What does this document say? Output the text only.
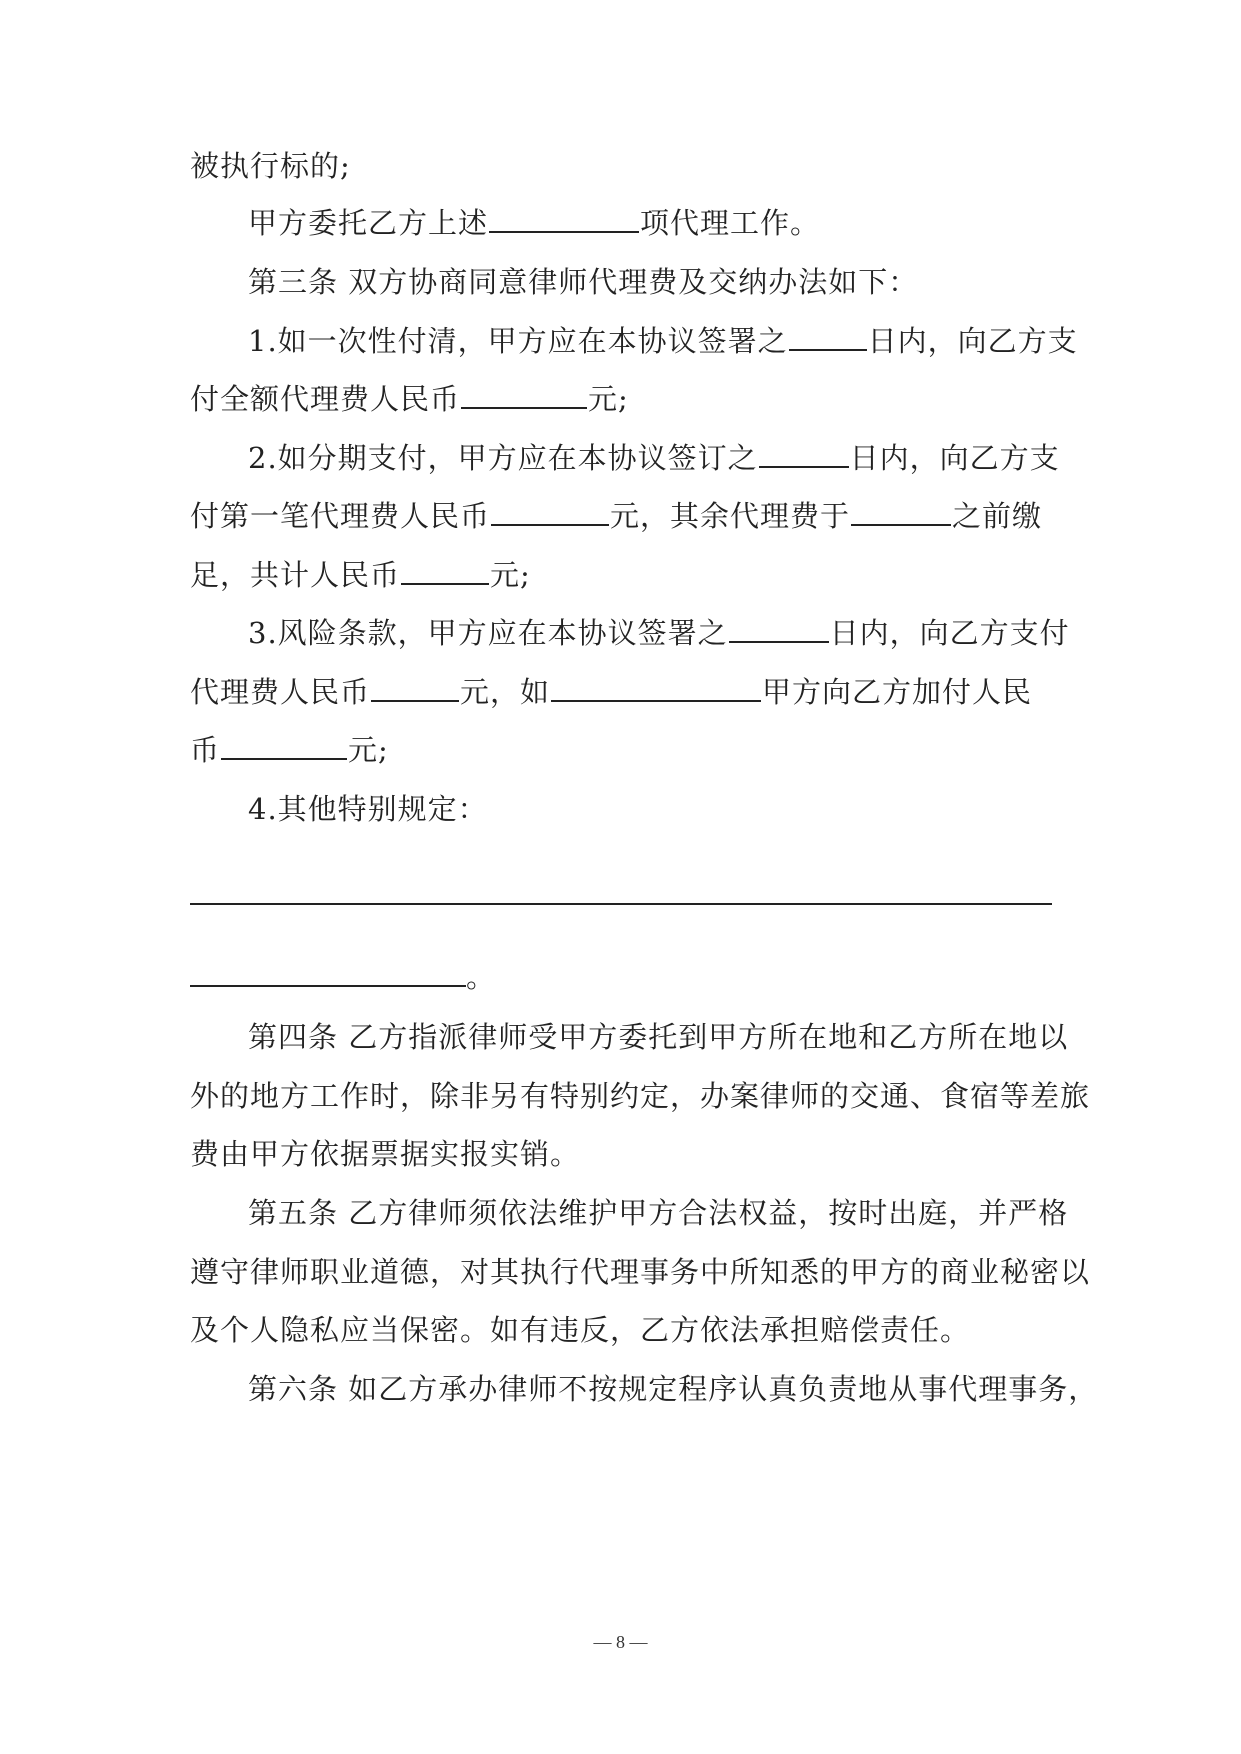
被执行标的;
甲方委托乙方上述	项代理工作。
第三条 双方协商同意律师代理费及交纳办法如下：
1.如一次性付清，甲方应在本协议签署之	日内，向乙方支
付全额代理费人民币	元;
2.如分期支付，甲方应在本协议签订之	日内，向乙方支
付第一笔代理费人民币	元，其余代理费于	之前缴
足，共计人民币	元;
3.风险条款，甲方应在本协议签署之	日内，向乙方支付
代理费人民币	元，如	甲方向乙方加付人民
币	元;
4.其他特别规定：
。
第四条 乙方指派律师受甲方委托到甲方所在地和乙方所在地以
外的地方工作时，除非另有特别约定，办案律师的交通、食宿等差旅
费由甲方依据票据实报实销。
第五条 乙方律师须依法维护甲方合法权益，按时出庭，并严格
遵守律师职业道德，对其执行代理事务中所知悉的甲方的商业秘密以
及个人隐私应当保密。如有违反，乙方依法承担赔偿责任。
第六条 如乙方承办律师不按规定程序认真负责地从事代理事务，
— 8 —
